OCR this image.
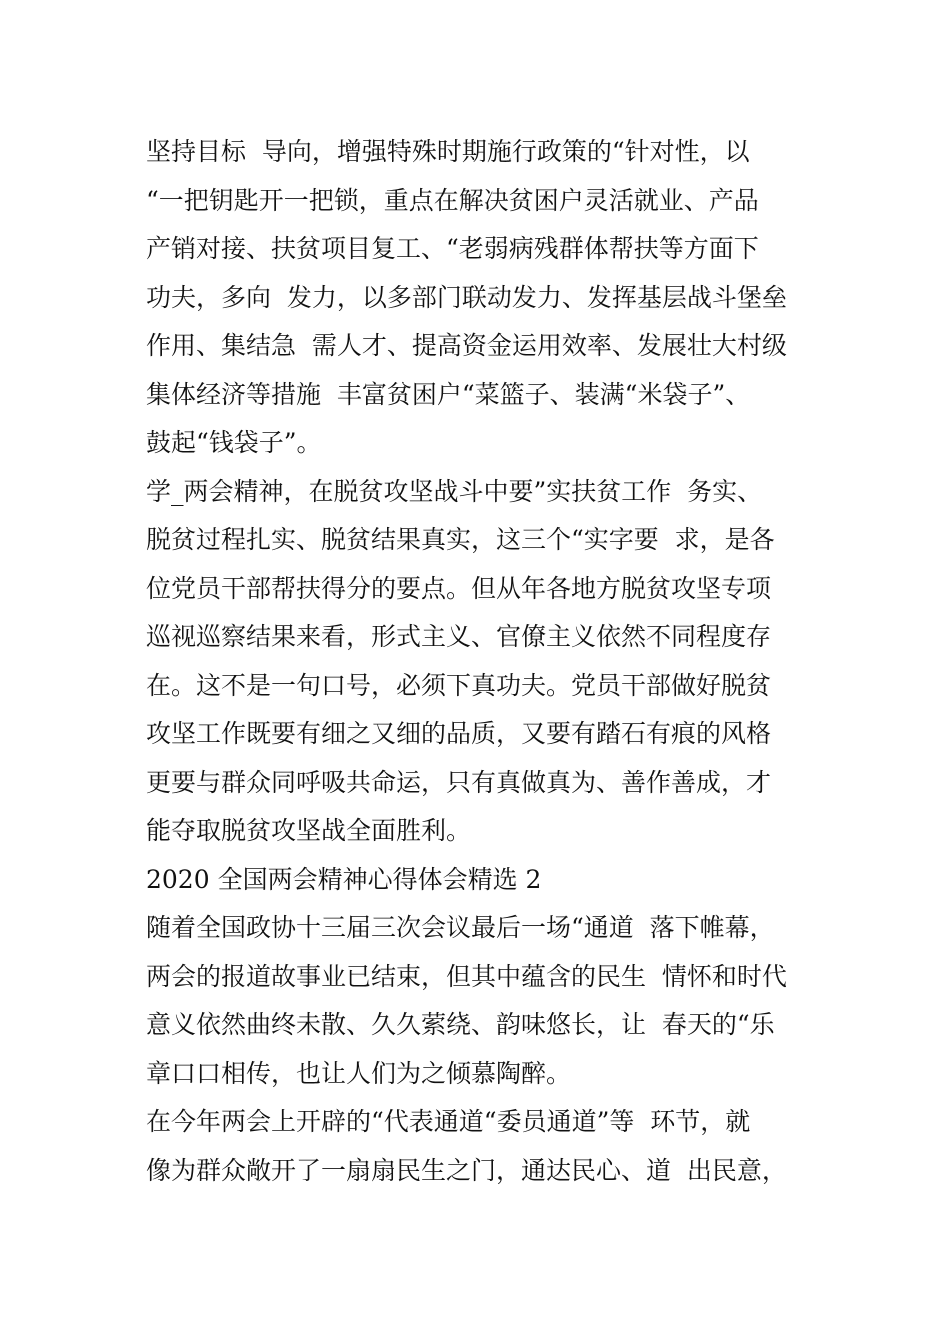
坚持目标  导向，增强特殊时期施行政策的“针对性，以
“一把钥匙开一把锁，重点在解决贫困户灵活就业、产品
产销对接、扶贫项目复工、“老弱病残群体帮扶等方面下
功夫，多向  发力，以多部门联动发力、发挥基层战斗堡垒
作用、集结急  需人才、提高资金运用效率、发展壮大村级
集体经济等措施  丰富贫困户“菜篮子、装满“米袋子”、
鼓起“钱袋子”。
学_两会精神，在脱贫攻坚战斗中要”实扶贫工作  务实、
脱贫过程扎实、脱贫结果真实，这三个“实字要  求，是各
位党员干部帮扶得分的要点。但从年各地方脱贫攻坚专项
巡视巡察结果来看，形式主义、官僚主义依然不同程度存
在。这不是一句口号，必须下真功夫。党员干部做好脱贫
攻坚工作既要有细之又细的品质，又要有踏石有痕的风格
更要与群众同呼吸共命运，只有真做真为、善作善成，才
能夺取脱贫攻坚战全面胜利。
2020 全国两会精神心得体会精选 2
随着全国政协十三届三次会议最后一场“通道  落下帷幕，
两会的报道故事业已结束，但其中蕴含的民生  情怀和时代
意义依然曲终未散、久久萦绕、韵味悠长，让  春天的“乐
章口口相传，也让人们为之倾慕陶醉。
在今年两会上开辟的“代表通道“委员通道”等  环节，就
像为群众敞开了一扇扇民生之门，通达民心、道  出民意，
